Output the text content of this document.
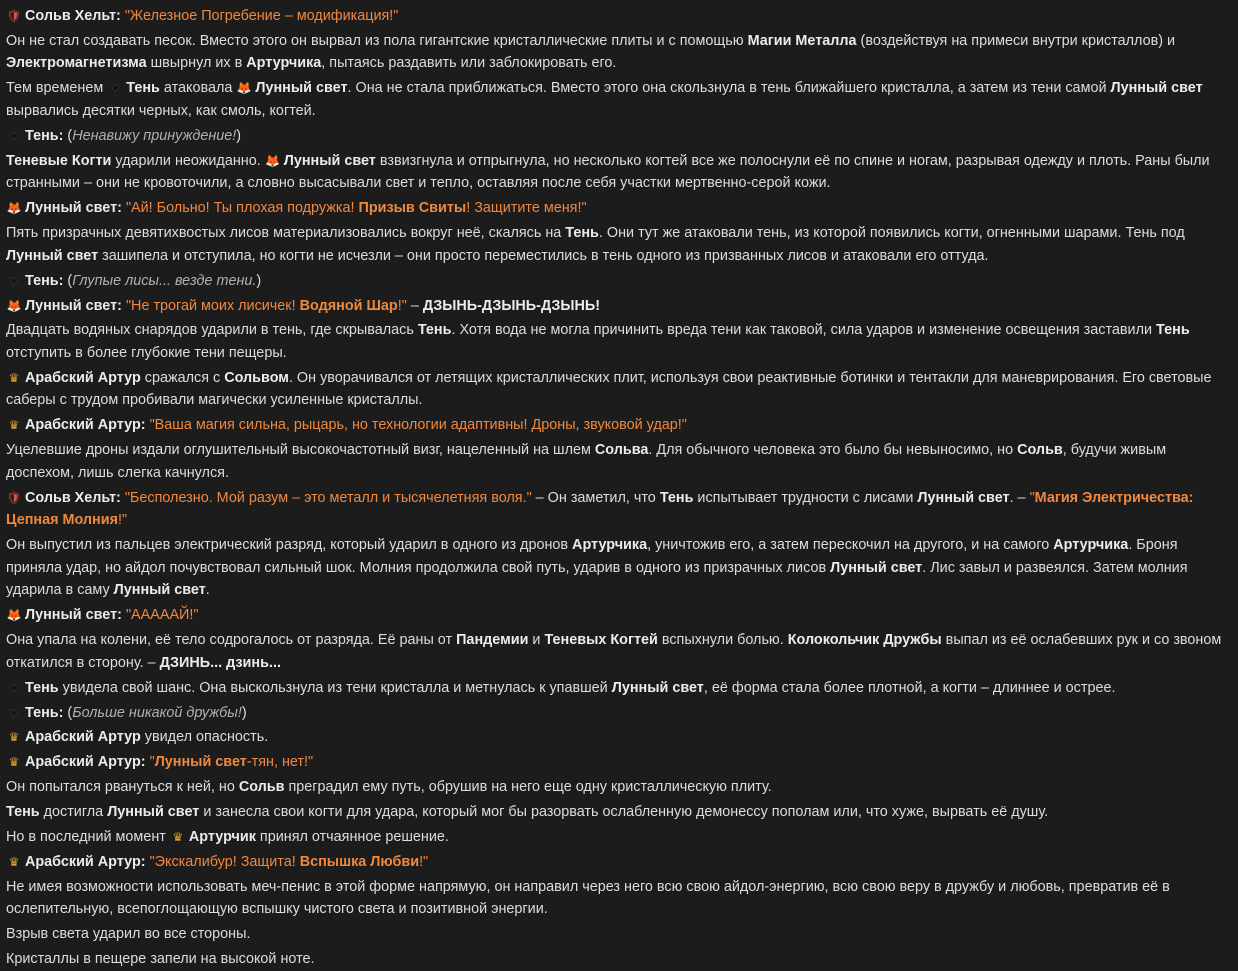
🛡 Сольв Хельт: "Железное Погребение – модификация!"
Он не стал создавать песок. Вместо этого он вырвал из пола гигантские кристаллические плиты и с помощью Магии Металла (воздействуя на примеси внутри кристаллов) и Электромагнетизма швырнул их в Артурчика, пытаясь раздавить или заблокировать его.
Тем временем ♥ Тень атаковала 🦊 Лунный свет. Она не стала приближаться. Вместо этого она скользнула в тень ближайшего кристалла, а затем из тени самой Лунный свет вырвались десятки черных, как смоль, когтей.
♥ Тень: (Ненавижу принуждение!)
Теневые Когти ударили неожиданно. 🦊 Лунный свет взвизгнула и отпрыгнула, но несколько когтей все же полоснули её по спине и ногам, разрывая одежду и плоть. Раны были странными – они не кровоточили, а словно высасывали свет и тепло, оставляя после себя участки мертвенно-серой кожи.
🦊 Лунный свет: "Ай! Больно! Ты плохая подружка! Призыв Свиты! Защитите меня!"
Пять призрачных девятихвостых лисов материализовались вокруг неё, скалясь на Тень. Они тут же атаковали тень, из которой появились когти, огненными шарами. Тень под Лунный свет зашипела и отступила, но когти не исчезли – они просто переместились в тень одного из призванных лисов и атаковали его оттуда.
♥ Тень: (Глупые лисы... везде тени.)
🦊 Лунный свет: "Не трогай моих лисичек! Водяной Шар!" – ДЗЫНЬ-ДЗЫНЬ-ДЗЫНЬ!
Двадцать водяных снарядов ударили в тень, где скрывалась Тень. Хотя вода не могла причинить вреда тени как таковой, сила ударов и изменение освещения заставили Тень отступить в более глубокие тени пещеры.
♛ Арабский Артур сражался с Сольвом. Он уворачивался от летящих кристаллических плит, используя свои реактивные ботинки и тентакли для маневрирования. Его световые саберы с трудом пробивали магически усиленные кристаллы.
♛ Арабский Артур: "Ваша магия сильна, рыцарь, но технологии адаптивны! Дроны, звуковой удар!"
Уцелевшие дроны издали оглушительный высокочастотный визг, нацеленный на шлем Сольва. Для обычного человека это было бы невыносимо, но Сольв, будучи живым доспехом, лишь слегка качнулся.
🛡 Сольв Хельт: "Бесполезно. Мой разум – это металл и тысячелетняя воля." – Он заметил, что Тень испытывает трудности с лисами Лунный свет. – "Магия Электричества: Цепная Молния!"
Он выпустил из пальцев электрический разряд, который ударил в одного из дронов Артурчика, уничтожив его, а затем перескочил на другого, и на самого Артурчика. Броня приняла удар, но айдол почувствовал сильный шок. Молния продолжила свой путь, ударив в одного из призрачных лисов Лунный свет. Лис завыл и развеялся. Затем молния ударила в саму Лунный свет.
🦊 Лунный свет: "АААААЙ!"
Она упала на колени, её тело содрогалось от разряда. Её раны от Пандемии и Теневых Когтей вспыхнули болью. Колокольчик Дружбы выпал из её ослабевших рук и со звоном откатился в сторону. – ДЗИНЬ... дзинь...
♥ Тень увидела свой шанс. Она выскользнула из тени кристалла и метнулась к упавшей Лунный свет, её форма стала более плотной, а когти – длиннее и острее.
♥ Тень: (Больше никакой дружбы!)
♛ Арабский Артур увидел опасность.
♛ Арабский Артур: "Лунный свет-тян, нет!"
Он попытался рвануться к ней, но Сольв преградил ему путь, обрушив на него еще одну кристаллическую плиту.
Тень достигла Лунный свет и занесла свои когти для удара, который мог бы разорвать ослабленную демонессу пополам или, что хуже, вырвать её душу.
Но в последний момент ♛ Артурчик принял отчаянное решение.
♛ Арабский Артур: "Экскалибур! Защита! Вспышка Любви!"
Не имея возможности использовать меч-пенис в этой форме напрямую, он направил через него всю свою айдол-энергию, всю свою веру в дружбу и любовь, превратив её в ослепительную, всепоглощающую вспышку чистого света и позитивной энергии.
Взрыв света ударил во все стороны.
Кристаллы в пещере запели на высокой ноте.
